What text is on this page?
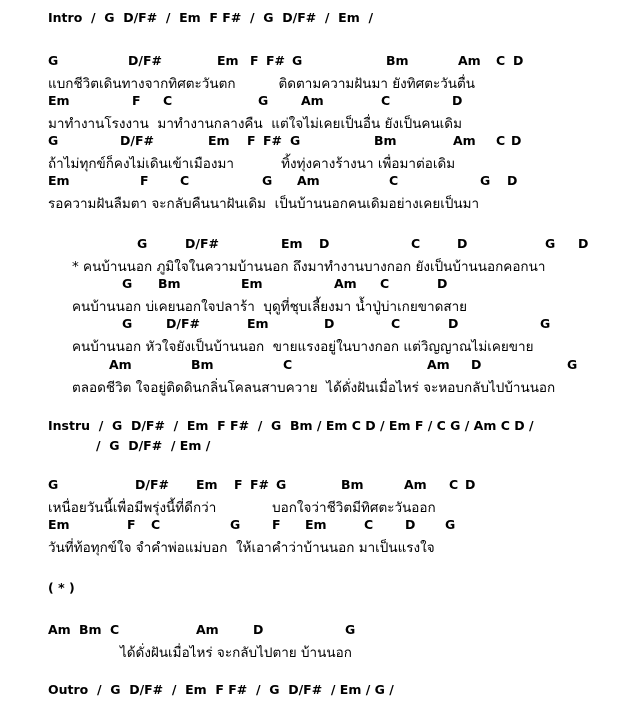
Intro  /  G  D/F#  /  Em  F F#  /  G  D/F#  /  Em  /
G	D/F#	Em F F# G	Bm	Am C D
แบกชีวิตเดินทางจากทิศตะวันตก          ติดตามความฝันมา ยังทิศตะวันตื่น
Em	F C	G	Am	C	D
มาทำงานโรงงาน  มาทำงานกลางคืน  แต่ใจไม่เคยเป็นอื่น ยังเป็นคนเดิม
G	D/F#	Em F F# G	Bm	Am C D
ถ้าไม่ทุกข์ก็คงไม่เดินเข้าเมืองมา           ทิ้งทุ่งคางร้างนา เพื่อมาต่อเดิม
Em	F	C	G Am	C	G D
รอความฝันลืมตา จะกลับคืนนาฝันเดิม  เป็นบ้านนอกคนเดิมอย่างเคยเป็นมา
G	D/F#	Em D	C	D	G D
* คนบ้านนอก ภูมิใจในความบ้านนอก ถึงมาทำงานบางกอก ยังเป็นบ้านนอกคอกนา
G Bm	Em	Am C	D
คนบ้านนอก บ่เคยนอกใจปลาร้า  บุดูที่ชุบเลี้ยงมา น้ำปู่บ่าเกยขาดสาย
G	D/F#	Em	D	C	D	G
คนบ้านนอก หัวใจยังเป็นบ้านนอก  ขายแรงอยู่ในบางกอก แต่วิญญาณไม่เคยขาย
Am	Bm	C	Am D	G
ตลอดชีวิต ใจอยู่ติดดินกลิ่นโคลนสาบควาย  ได้ดั่งฝันเมื่อไหร่ จะหอบกลับไปบ้านนอก
Instru  /  G  D/F#  /  Em  F F#  /  G  Bm / Em C D / Em F / C G / Am C D /
/  G  D/F#  / Em /
G	D/F# Em F F# G	Bm	Am C D
เหนื่อยวันนี้เพื่อมีพรุ่งนี้ที่ดีกว่า             บอกใจว่าชีวิตมีทิศตะวันออก
Em	F C	G	F Em	C	D G
วันที่ท้อทุกข์ใจ จำคำพ่อแม่บอก  ให้เอาคำว่าบ้านนอก มาเป็นแรงใจ
( * )
Am Bm C	Am	D	G
ได้ดั่งฝันเมื่อไหร่ จะกลับไปตาย บ้านนอก
Outro  /  G  D/F#  /  Em  F F#  /  G  D/F#  / Em / G /
